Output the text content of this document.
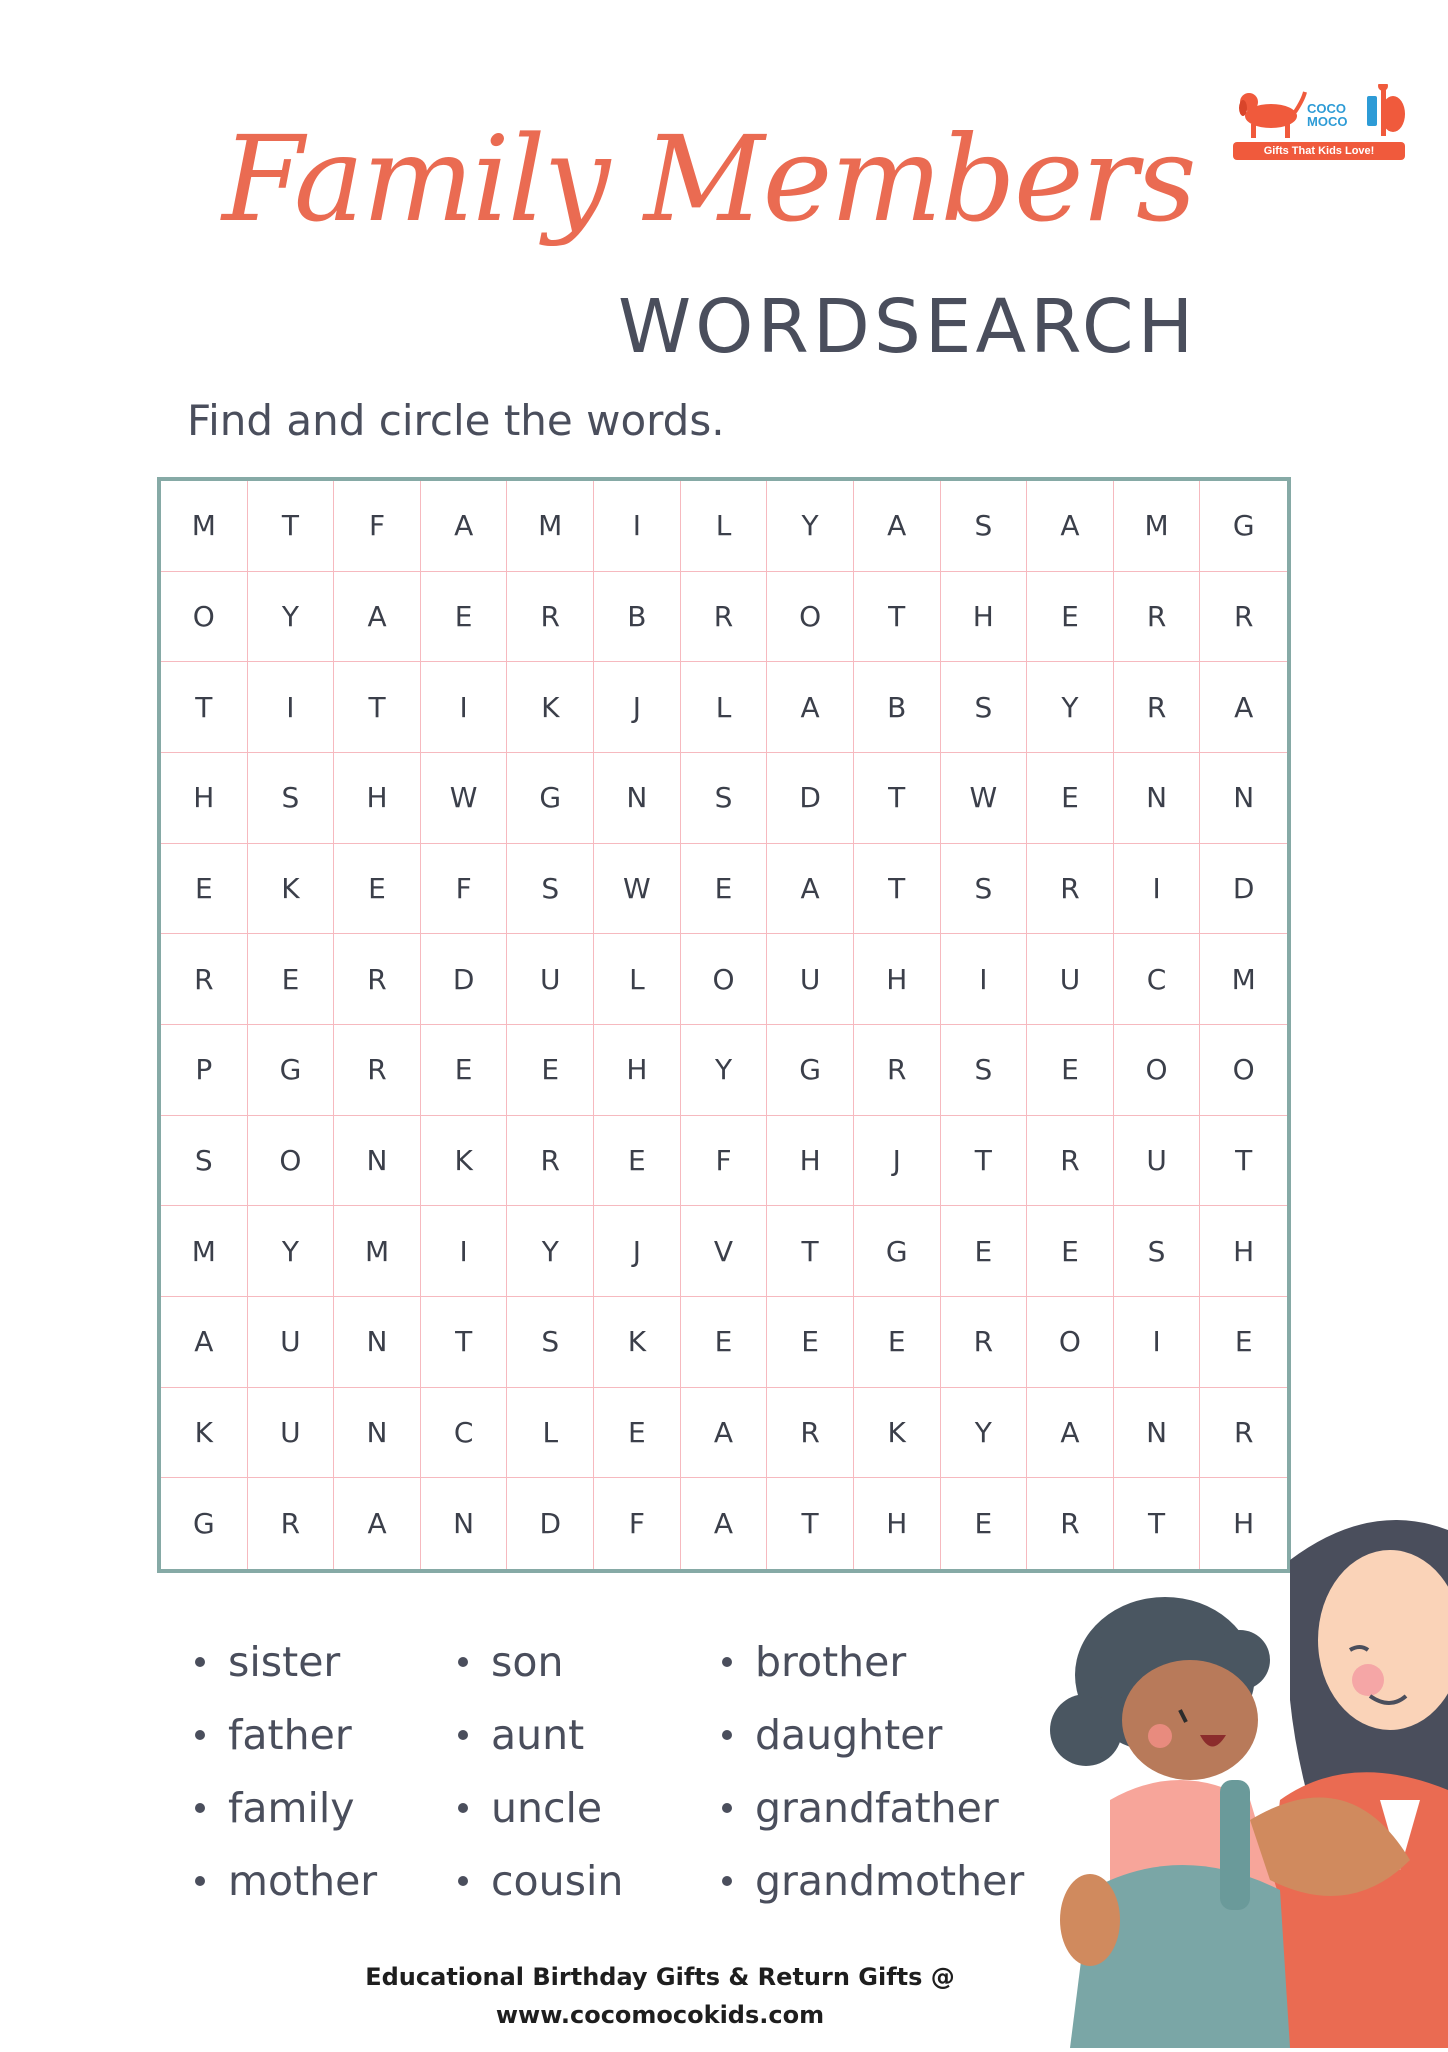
COCO
MOCO
Gifts That Kids Love!
Family Members
WORDSEARCH
Find and circle the words.
M	T	F	A	M	I	L	Y	A	S	A	M	G
O	Y	A	E	R	B	R	O	T	H	E	R	R
T	I	T	I	K	J	L	A	B	S	Y	R	A
H	S	H	W	G	N	S	D	T	W	E	N	N
E	K	E	F	S	W	E	A	T	S	R	I	D
R	E	R	D	U	L	O	U	H	I	U	C	M
P	G	R	E	E	H	Y	G	R	S	E	O	O
S	O	N	K	R	E	F	H	J	T	R	U	T
M	Y	M	I	Y	J	V	T	G	E	E	S	H
A	U	N	T	S	K	E	E	E	R	O	I	E
K	U	N	C	L	E	A	R	K	Y	A	N	R
G	R	A	N	D	F	A	T	H	E	R	T	H
sister
father
family
mother
son
aunt
uncle
cousin
brother
daughter
grandfather
grandmother
Educational Birthday Gifts & Return Gifts @
www.cocomocokids.com
